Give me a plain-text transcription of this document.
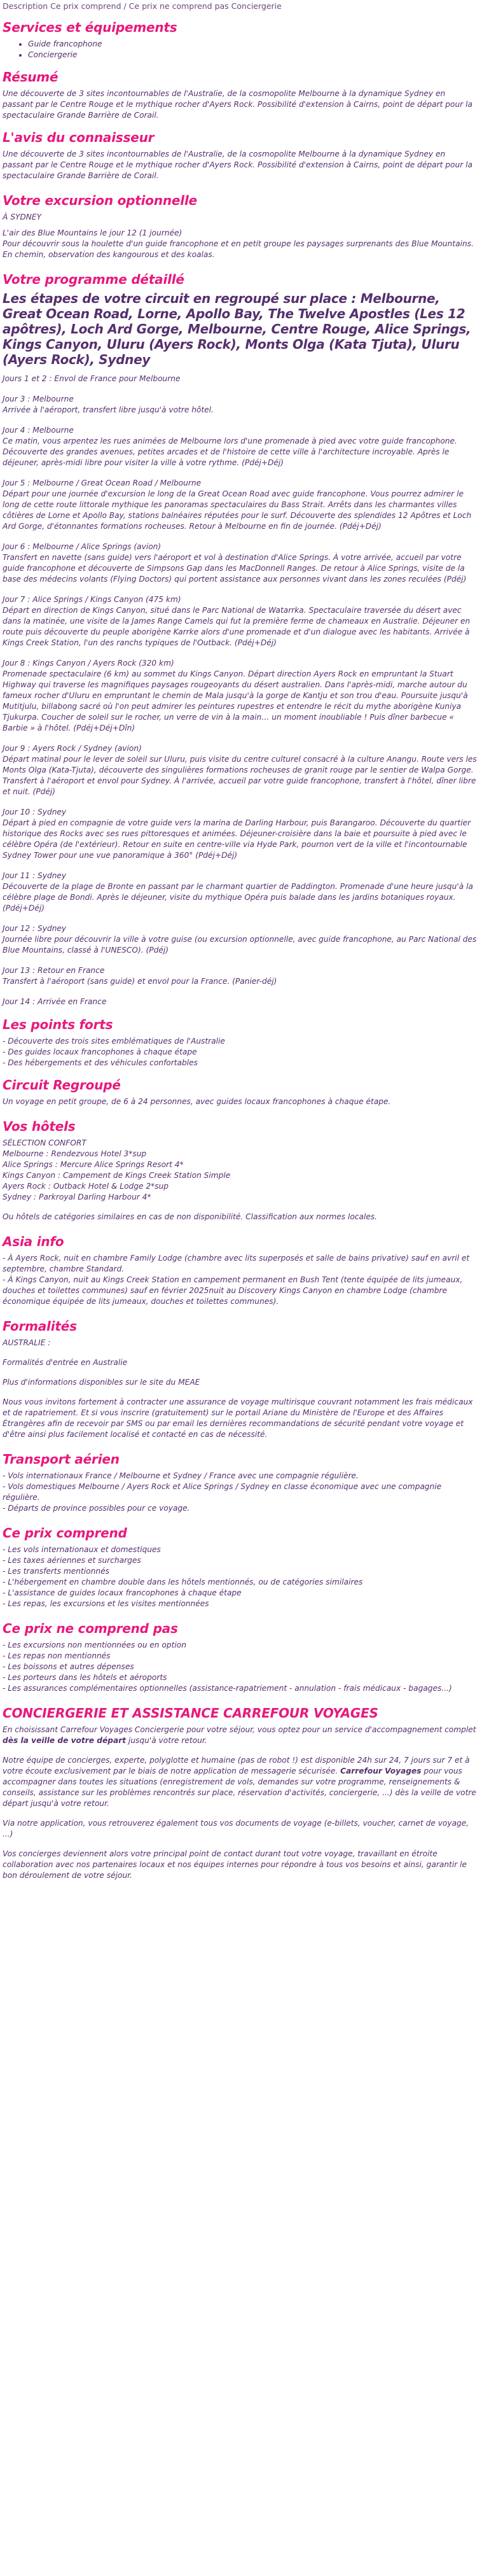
Description Ce prix comprend / Ce prix ne comprend pas Conciergerie
Services et équipements
• Guide francophone
• Conciergerie
Résumé

Une découverte de 3 sites incontournables de l'Australie, de la cosmopolite Melbourne à la dynamique Sydney en passant par le Centre Rouge et le mythique rocher d'Ayers Rock. Possibilité d'extension à Cairns, point de départ pour la spectaculaire Grande Barrière de Corail.

L'avis du connaisseur

Une découverte de 3 sites incontournables de l'Australie, de la cosmopolite Melbourne à la dynamique Sydney en passant par le Centre Rouge et le mythique rocher d'Ayers Rock. Possibilité d'extension à Cairns, point de départ pour la spectaculaire Grande Barrière de Corail.

Votre excursion optionnelle
À SYDNEY
L'air des Blue Mountains le jour 12 (1 journée)

Pour découvrir sous la houlette d'un guide francophone et en petit groupe les paysages surprenants des Blue Mountains. En chemin, observation des kangourous et des koalas.

Votre programme détaillé
Les étapes de votre circuit en regroupé sur place : Melbourne, Great Ocean Road, Lorne, Apollo Bay, The Twelve Apostles (Les 12 apôtres), Loch Ard Gorge, Melbourne, Centre Rouge, Alice Springs, Kings Canyon, Uluru (Ayers Rock), Monts Olga (Kata Tjuta), Uluru (Ayers Rock), Sydney
Jours 1 et 2 : Envol de France pour Melbourne
Jour 3 : Melbourne
Arrivée à l'aéroport, transfert libre jusqu'à votre hôtel.
Jour 4 : Melbourne
Ce matin, vous arpentez les rues animées de Melbourne lors d'une promenade à pied avec votre guide francophone. Découverte des grandes avenues, petites arcades et de l'histoire de cette ville à l'architecture incroyable. Après le déjeuner, après-midi libre pour visiter la ville à votre rythme. (Pdéj+Déj)
Jour 5 : Melbourne / Great Ocean Road / Melbourne
Départ pour une journée d'excursion le long de la Great Ocean Road avec guide francophone. Vous pourrez admirer le long de cette route littorale mythique les panoramas spectaculaires du Bass Strait. Arrêts dans les charmantes villes côtières de Lorne et Apollo Bay, stations balnéaires réputées pour le surf. Découverte des splendides 12 Apôtres et Loch Ard Gorge, d'étonnantes formations rocheuses. Retour à Melbourne en fin de journée. (Pdéj+Déj)
Jour 6 : Melbourne / Alice Springs (avion)
Transfert en navette (sans guide) vers l'aéroport et vol à destination d'Alice Springs. À votre arrivée, accueil par votre guide francophone et découverte de Simpsons Gap dans les MacDonnell Ranges. De retour à Alice Springs, visite de la base des médecins volants (Flying Doctors) qui portent assistance aux personnes vivant dans les zones reculées (Pdéj)
Jour 7 : Alice Springs / Kings Canyon (475 km)
Départ en direction de Kings Canyon, situé dans le Parc National de Watarrka. Spectaculaire traversée du désert avec dans la matinée, une visite de la James Range Camels qui fut la première ferme de chameaux en Australie. Déjeuner en route puis découverte du peuple aborigène Karrke alors d'une promenade et d'un dialogue avec les habitants. Arrivée à Kings Creek Station, l'un des ranchs typiques de l'Outback. (Pdéj+Déj)
Jour 8 : Kings Canyon / Ayers Rock (320 km)
Promenade spectaculaire (6 km) au sommet du Kings Canyon. Départ direction Ayers Rock en empruntant la Stuart Highway qui traverse les magnifiques paysages rougeoyants du désert australien. Dans l'après-midi, marche autour du fameux rocher d'Uluru en empruntant le chemin de Mala jusqu'à la gorge de Kantju et son trou d'eau. Poursuite jusqu'à Mutitjulu, billabong sacré où l'on peut admirer les peintures rupestres et entendre le récit du mythe aborigène Kuniya Tjukurpa. Coucher de soleil sur le rocher, un verre de vin à la main… un moment inoubliable ! Puis dîner barbecue « Barbie » à l'hôtel. (Pdéj+Déj+Dîn)
Jour 9 : Ayers Rock / Sydney (avion)
Départ matinal pour le lever de soleil sur Uluru, puis visite du centre culturel consacré à la culture Anangu. Route vers les Monts Olga (Kata-Tjuta), découverte des singulières formations rocheuses de granit rouge par le sentier de Walpa Gorge. Transfert à l'aéroport et envol pour Sydney. À l'arrivée, accueil par votre guide francophone, transfert à l'hôtel, dîner libre et nuit. (Pdéj)
Jour 10 : Sydney
Départ à pied en compagnie de votre guide vers la marina de Darling Harbour, puis Barangaroo. Découverte du quartier historique des Rocks avec ses rues pittoresques et animées. Déjeuner-croisière dans la baie et poursuite à pied avec le célèbre Opéra (de l'extérieur). Retour en suite en centre-ville via Hyde Park, pournon vert de la ville et l'incontournable Sydney Tower pour une vue panoramique à 360° (Pdéj+Déj)
Jour 11 : Sydney
Découverte de la plage de Bronte en passant par le charmant quartier de Paddington. Promenade d'une heure jusqu'à la célèbre plage de Bondi. Après le déjeuner, visite du mythique Opéra puis balade dans les jardins botaniques royaux. (Pdéj+Déj)
Jour 12 : Sydney
Journée libre pour découvrir la ville à votre guise (ou excursion optionnelle, avec guide francophone, au Parc National des Blue Mountains, classé à l'UNESCO). (Pdéj)
Jour 13 : Retour en France
Transfert à l'aéroport (sans guide) et envol pour la France. (Panier-déj)
Jour 14 : Arrivée en France
Les points forts
- Découverte des trois sites emblématiques de l'Australie
- Des guides locaux francophones à chaque étape
- Des hébergements et des véhicules confortables
Circuit Regroupé

Un voyage en petit groupe, de 6 à 24 personnes, avec guides locaux francophones à chaque étape.

Vos hôtels
SÉLECTION CONFORT
Melbourne : Rendezvous Hotel 3*sup
Alice Springs : Mercure Alice Springs Resort 4*
Kings Canyon : Campement de Kings Creek Station Simple
Ayers Rock : Outback Hotel & Lodge 2*sup
Sydney : Parkroyal Darling Harbour 4*
Ou hôtels de catégories similaires en cas de non disponibilité. Classification aux normes locales.
Asia info
- À Ayers Rock, nuit en chambre Family Lodge (chambre avec lits superposés et salle de bains privative) sauf en avril et septembre, chambre Standard.
- À Kings Canyon, nuit au Kings Creek Station en campement permanent en Bush Tent (tente équipée de lits jumeaux, douches et toilettes communes) sauf en février 2025nuit au Discovery Kings Canyon en chambre Lodge (chambre économique équipée de lits jumeaux, douches et toilettes communes).
Formalités
AUSTRALIE :
Formalités d'entrée en Australie
Plus d'informations disponibles sur le site du MEAE

Nous vous invitons fortement à contracter une assurance de voyage multirisque couvrant notamment les frais médicaux et de rapatriement. Et si vous inscrire (gratuitement) sur le portail Ariane du Ministère de l'Europe et des Affaires Étrangères afin de recevoir par SMS ou par email les dernières recommandations de sécurité pendant votre voyage et d'être ainsi plus facilement localisé et contacté en cas de nécessité.

Transport aérien
- Vols internationaux France / Melbourne et Sydney / France avec une compagnie régulière.
- Vols domestiques Melbourne / Ayers Rock et Alice Springs / Sydney en classe économique avec une compagnie régulière.
- Départs de province possibles pour ce voyage.
Ce prix comprend
- Les vols internationaux et domestiques
- Les taxes aériennes et surcharges
- Les transferts mentionnés
- L'hébergement en chambre double dans les hôtels mentionnés, ou de catégories similaires
- L'assistance de guides locaux francophones à chaque étape
- Les repas, les excursions et les visites mentionnées
Ce prix ne comprend pas
- Les excursions non mentionnées ou en option
- Les repas non mentionnés
- Les boissons et autres dépenses
- Les porteurs dans les hôtels et aéroports
- Les assurances complémentaires optionnelles (assistance-rapatriement - annulation - frais médicaux - bagages...)
CONCIERGERIE ET ASSISTANCE CARREFOUR VOYAGES

En choisissant Carrefour Voyages Conciergerie pour votre séjour, vous optez pour un service d'accompagnement complet dès la veille de votre départ jusqu'à votre retour.

Notre équipe de concierges, experte, polyglotte et humaine (pas de robot !) est disponible 24h sur 24, 7 jours sur 7 et à votre écoute exclusivement par le biais de notre application de messagerie sécurisée. Carrefour Voyages pour vous accompagner dans toutes les situations (enregistrement de vols, demandes sur votre programme, renseignements & conseils, assistance sur les problèmes rencontrés sur place, réservation d'activités, conciergerie, ...) dès la veille de votre départ jusqu'à votre retour.

Via notre application, vous retrouverez également tous vos documents de voyage (e-billets, voucher, carnet de voyage, ...)

Vos concierges deviennent alors votre principal point de contact durant tout votre voyage, travaillant en étroite collaboration avec nos partenaires locaux et nos équipes internes pour répondre à tous vos besoins et ainsi, garantir le bon déroulement de votre séjour.
